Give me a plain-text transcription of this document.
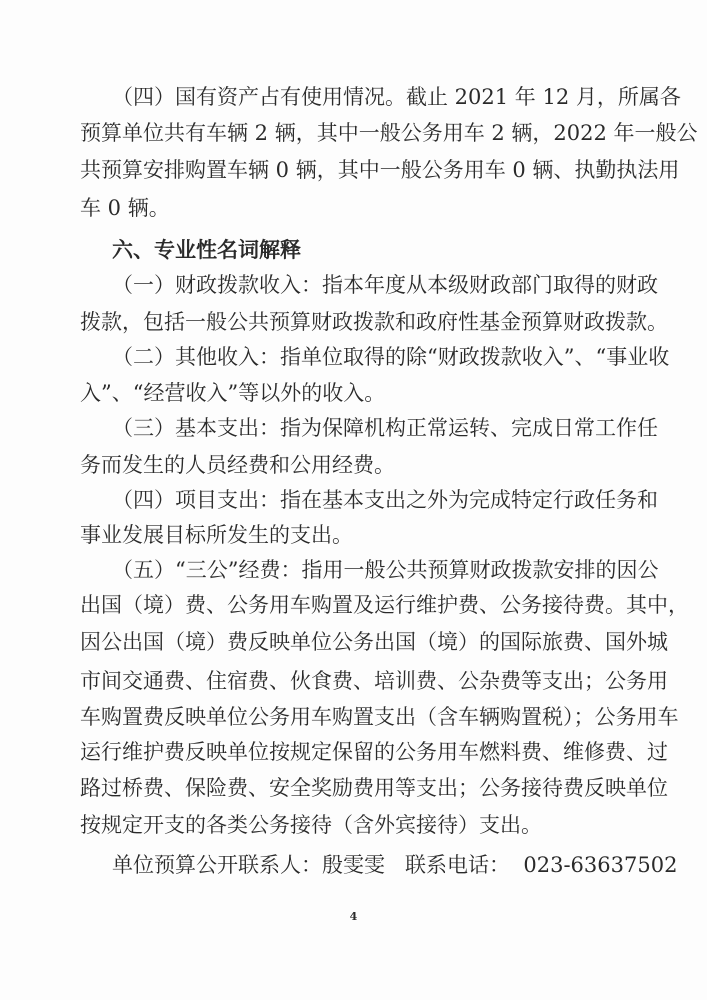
（四）国有资产占有使用情况。截止 2021 年 12 月，所属各
预算单位共有车辆 2 辆，其中一般公务用车 2 辆，2022 年一般公
共预算安排购置车辆 0 辆，其中一般公务用车 0 辆、执勤执法用
车 0 辆。
六、专业性名词解释
（一）财政拨款收入：指本年度从本级财政部门取得的财政
拨款，包括一般公共预算财政拨款和政府性基金预算财政拨款。
（二）其他收入：指单位取得的除“财政拨款收入”、“事业收
入”、“经营收入”等以外的收入。
（三）基本支出：指为保障机构正常运转、完成日常工作任
务而发生的人员经费和公用经费。
（四）项目支出：指在基本支出之外为完成特定行政任务和
事业发展目标所发生的支出。
（五）“三公”经费：指用一般公共预算财政拨款安排的因公
出国（境）费、公务用车购置及运行维护费、公务接待费。其中，
因公出国（境）费反映单位公务出国（境）的国际旅费、国外城
市间交通费、住宿费、伙食费、培训费、公杂费等支出；公务用
车购置费反映单位公务用车购置支出（含车辆购置税）；公务用车
运行维护费反映单位按规定保留的公务用车燃料费、维修费、过
路过桥费、保险费、安全奖励费用等支出；公务接待费反映单位
按规定开支的各类公务接待（含外宾接待）支出。
单位预算公开联系人：殷雯雯   联系电话：  023-63637502
4
